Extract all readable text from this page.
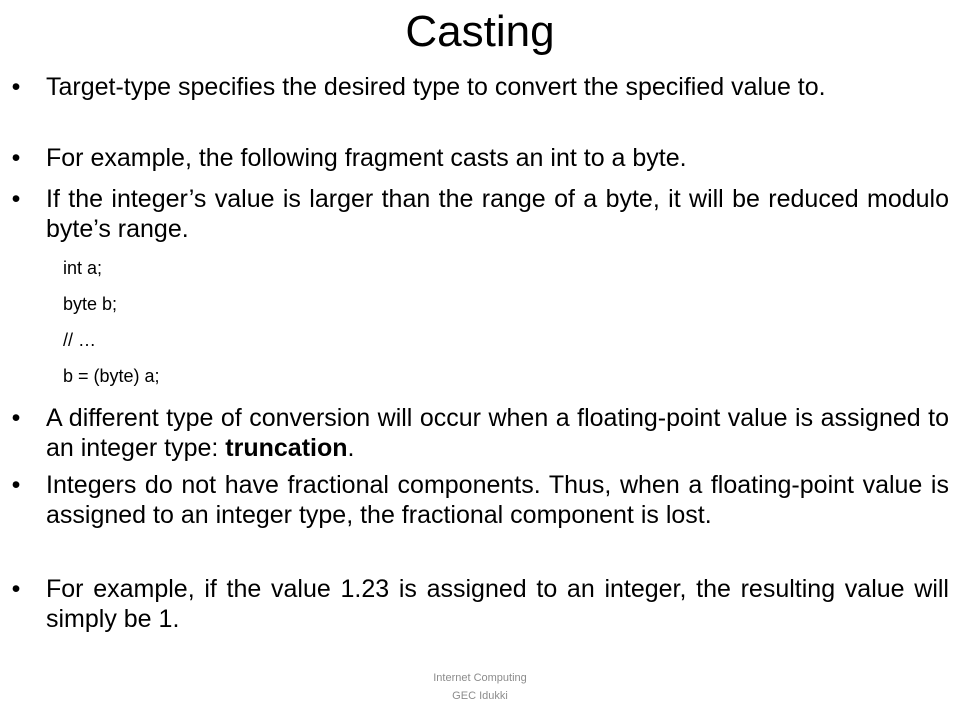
Casting
• Target-type specifies the desired type to convert the specified value to.
• For example, the following fragment casts an int to a byte.
• If the integer’s value is larger than the range of a byte, it will be reduced modulo byte’s range.
int a;
byte b;
// …
b = (byte) a;
• A different type of conversion will occur when a floating-point value is assigned to an integer type: truncation.
• Integers do not have fractional components. Thus, when a floating-point value is assigned to an integer type, the fractional component is lost.
• For example, if the value 1.23 is assigned to an integer, the resulting value will simply be 1.
Internet Computing
GEC Idukki
